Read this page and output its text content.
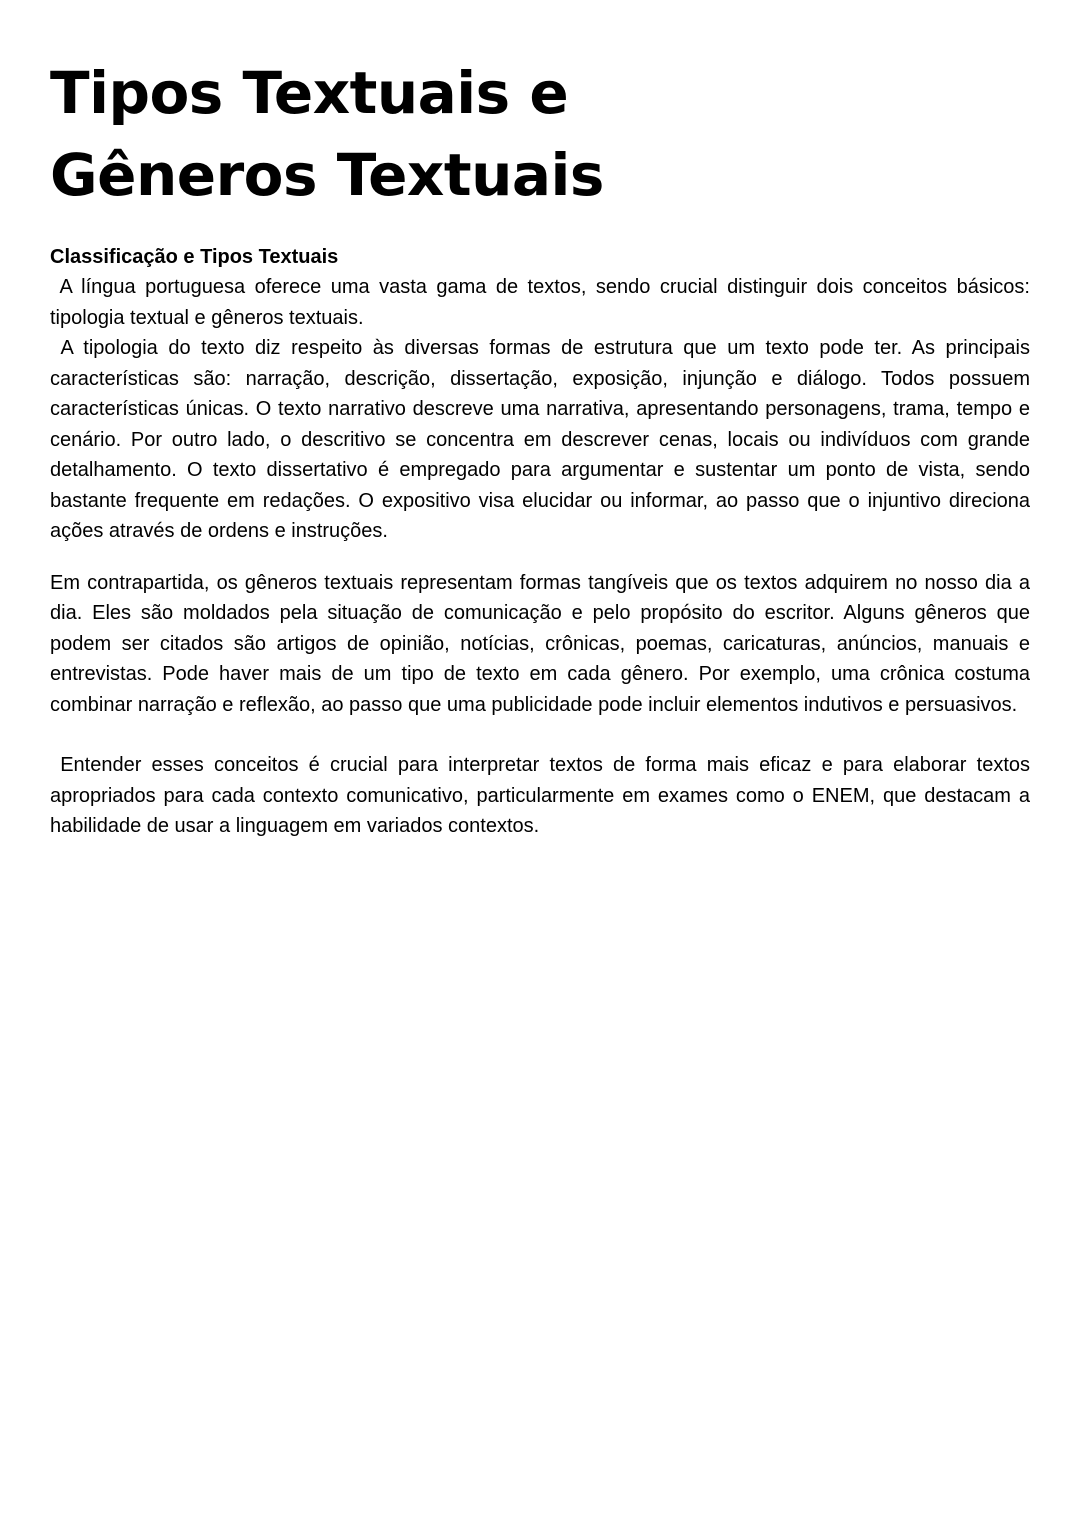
Tipos Textuais e Gêneros Textuais
Classificação e Tipos Textuais

A língua portuguesa oferece uma vasta gama de textos, sendo crucial distinguir dois conceitos básicos: tipologia textual e gêneros textuais.

A tipologia do texto diz respeito às diversas formas de estrutura que um texto pode ter. As principais características são: narração, descrição, dissertação, exposição, injunção e diálogo. Todos possuem características únicas. O texto narrativo descreve uma narrativa, apresentando personagens, trama, tempo e cenário. Por outro lado, o descritivo se concentra em descrever cenas, locais ou indivíduos com grande detalhamento. O texto dissertativo é empregado para argumentar e sustentar um ponto de vista, sendo bastante frequente em redações. O expositivo visa elucidar ou informar, ao passo que o injuntivo direciona ações através de ordens e instruções.

Em contrapartida, os gêneros textuais representam formas tangíveis que os textos adquirem no nosso dia a dia. Eles são moldados pela situação de comunicação e pelo propósito do escritor. Alguns gêneros que podem ser citados são artigos de opinião, notícias, crônicas, poemas, caricaturas, anúncios, manuais e entrevistas. Pode haver mais de um tipo de texto em cada gênero. Por exemplo, uma crônica costuma combinar narração e reflexão, ao passo que uma publicidade pode incluir elementos indutivos e persuasivos.

Entender esses conceitos é crucial para interpretar textos de forma mais eficaz e para elaborar textos apropriados para cada contexto comunicativo, particularmente em exames como o ENEM, que destacam a habilidade de usar a linguagem em variados contextos.
